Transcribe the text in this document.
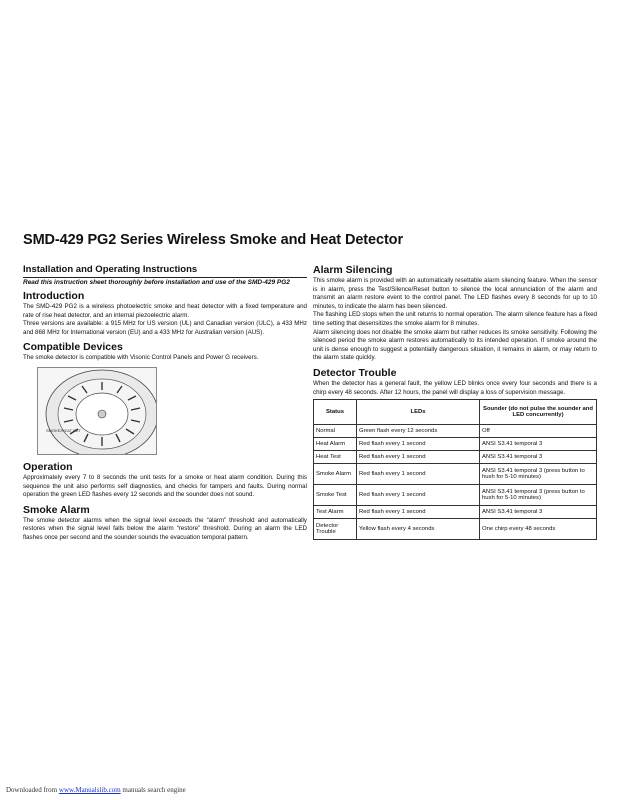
SMD-429 PG2 Series Wireless Smoke and Heat Detector
Installation and Operating Instructions
Read this instruction sheet thoroughly before installation and use of the SMD-429 PG2
Introduction

The SMD-429 PG2 is a wireless photoelectric smoke and heat detector with a fixed temperature and rate of rise heat detector, and an internal piezoelectric alarm.

Three versions are available: a 915 MHz for US version (UL) and Canadian version (ULC), a 433 MHz and 868 MHz for International version (EU) and a 433 MHz for Australian version (AUS).

Compatible Devices

The smoke detector is compatible with Visonic Control Panels and Power G receivers.

SMOKE/HEAT DET
Operation

Approximately every 7 to 8 seconds the unit tests for a smoke or heat alarm condition. During this sequence the unit also performs self diagnostics, and checks for tampers and faults. During normal operation the green LED flashes every 12 seconds and the sounder does not sound.

Smoke Alarm

The smoke detector alarms when the signal level exceeds the “alarm” threshold and automatically restores when the signal level falls below the alarm “restore” threshold. During an alarm the LED flashes once per second and the sounder sounds the evacuation temporal pattern.

Alarm Silencing

This smoke alarm is provided with an automatically resettable alarm silencing feature. When the sensor is in alarm, press the Test/Silence/Reset button to silence the local annunciation of the alarm and transmit an alarm restore event to the control panel. The LED flashes every 8 seconds for up to 10 minutes, to indicate the alarm has been silenced.

The flashing LED stops when the unit returns to normal operation. The alarm silence feature has a fixed time setting that desensitizes the smoke alarm for 8 minutes.

Alarm silencing does not disable the smoke alarm but rather reduces its smoke sensitivity. Following the silenced period the smoke alarm restores automatically to its intended operation. If smoke around the unit is dense enough to suggest a potentially dangerous situation, it remains in alarm, or may return to the alarm state quickly.

Detector Trouble

When the detector has a general fault, the yellow LED blinks once every four seconds and there is a chirp every 48 seconds. After 12 hours, the panel will display a loss of supervision message.

Status	LEDs	Sounder (do not pulse the sounder and LED concurrently)
Normal	Green flash every 12 seconds	Off
Heat Alarm	Red flash every 1 second	ANSI S3.41 temporal 3
Heat Test	Red flash every 1 second	ANSI S3.41 temporal 3
Smoke Alarm	Red flash every 1 second	ANSI S3.41 temporal 3 (press button to hush for 5-10 minutes)
Smoke Test	Red flash every 1 second	ANSI S3.41 temporal 3 (press button to hush for 5-10 minutes)
Test Alarm	Red flash every 1 second	ANSI S3.41 temporal 3
Detector Trouble	Yellow flash every 4 seconds	One chirp every 48 seconds
Downloaded from www.Manualslib.com manuals search engine
